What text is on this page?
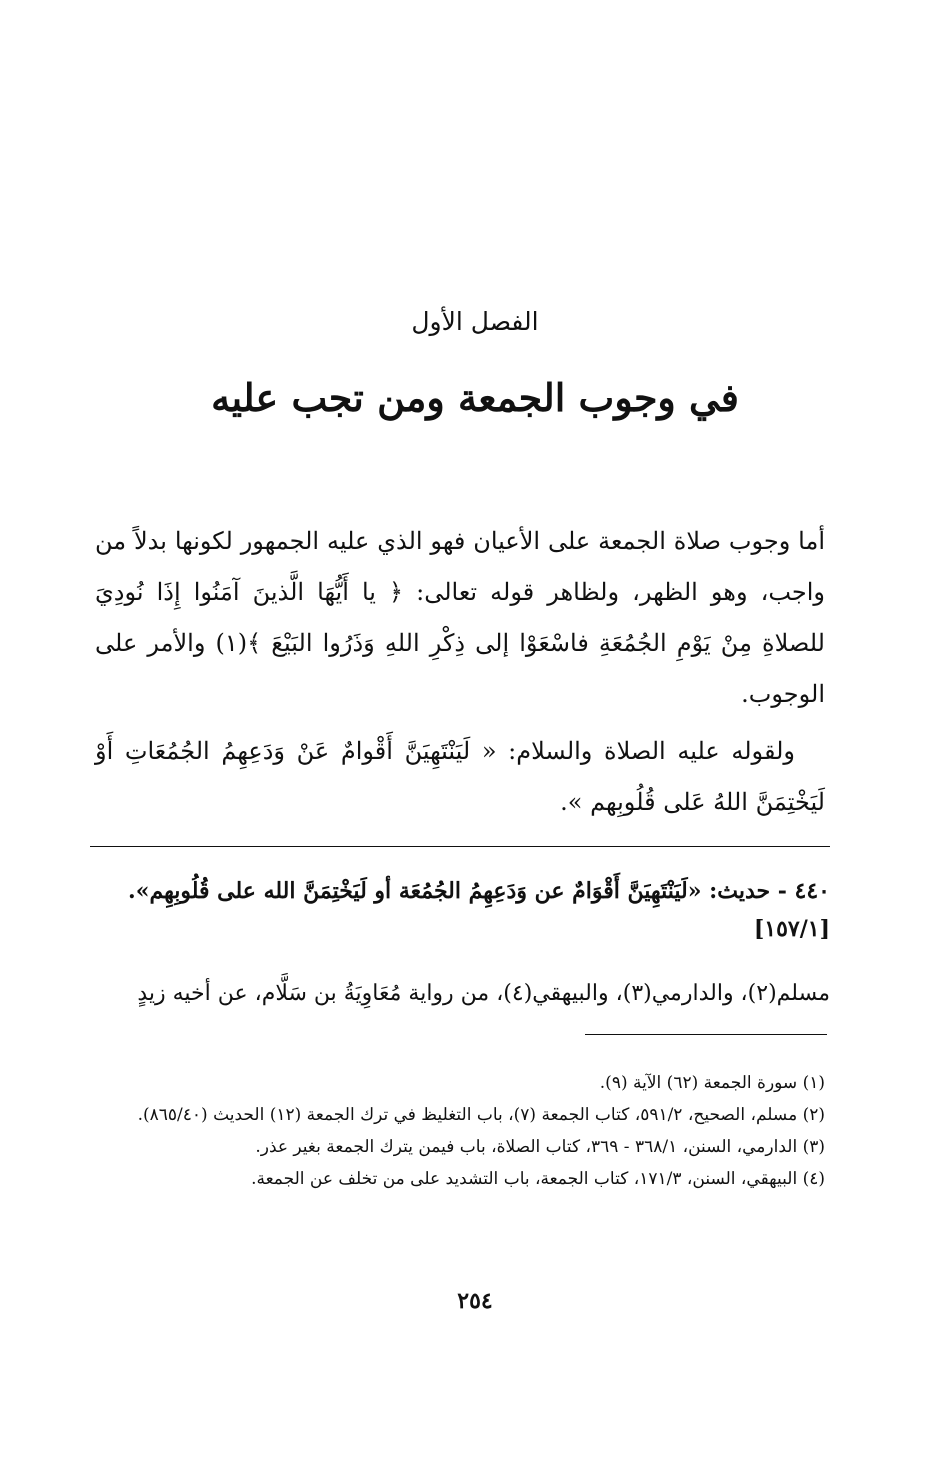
الفصل الأول
في وجوب الجمعة ومن تجب عليه

أما وجوب صلاة الجمعة على الأعيان فهو الذي عليه الجمهور لكونها بدلاً من واجب، وهو الظهر، ولظاهر قوله تعالى: ﴿ يا أَيُّهَا الَّذينَ آمَنُوا إِذَا نُودِيَ للصلاةِ مِنْ يَوْمِ الجُمُعَةِ فاسْعَوْا إلى ذِكْرِ اللهِ وَذَرُوا البَيْعَ ﴾(١) والأمر على الوجوب.

ولقوله عليه الصلاة والسلام: « لَيَنْتَهِيَنَّ أَقْوامٌ عَنْ وَدَعِهِمُ الجُمُعَاتِ أَوْ لَيَخْتِمَنَّ اللهُ عَلى قُلُوبِهم ».

٤٤٠ - حديث: «لَيَنْتَهِيَنَّ أَقْوَامٌ عن وَدَعِهِمُ الجُمُعَة أو لَيَخْتِمَنَّ الله على قُلُوبِهِم».
[١٥٧/١]
مسلم(٢)، والدارمي(٣)، والبيهقي(٤)، من رواية مُعَاوِيَةُ بن سَلَّام، عن أخيه زيدٍ
(١) سورة الجمعة (٦٢) الآية (٩).
(٢) مسلم، الصحيح، ٥٩١/٢، كتاب الجمعة (٧)، باب التغليظ في ترك الجمعة (١٢) الحديث (٨٦٥/٤٠).
(٣) الدارمي، السنن، ٣٦٨/١ - ٣٦٩، كتاب الصلاة، باب فيمن يترك الجمعة بغير عذر.
(٤) البيهقي، السنن، ١٧١/٣، كتاب الجمعة، باب التشديد على من تخلف عن الجمعة.
٢٥٤
